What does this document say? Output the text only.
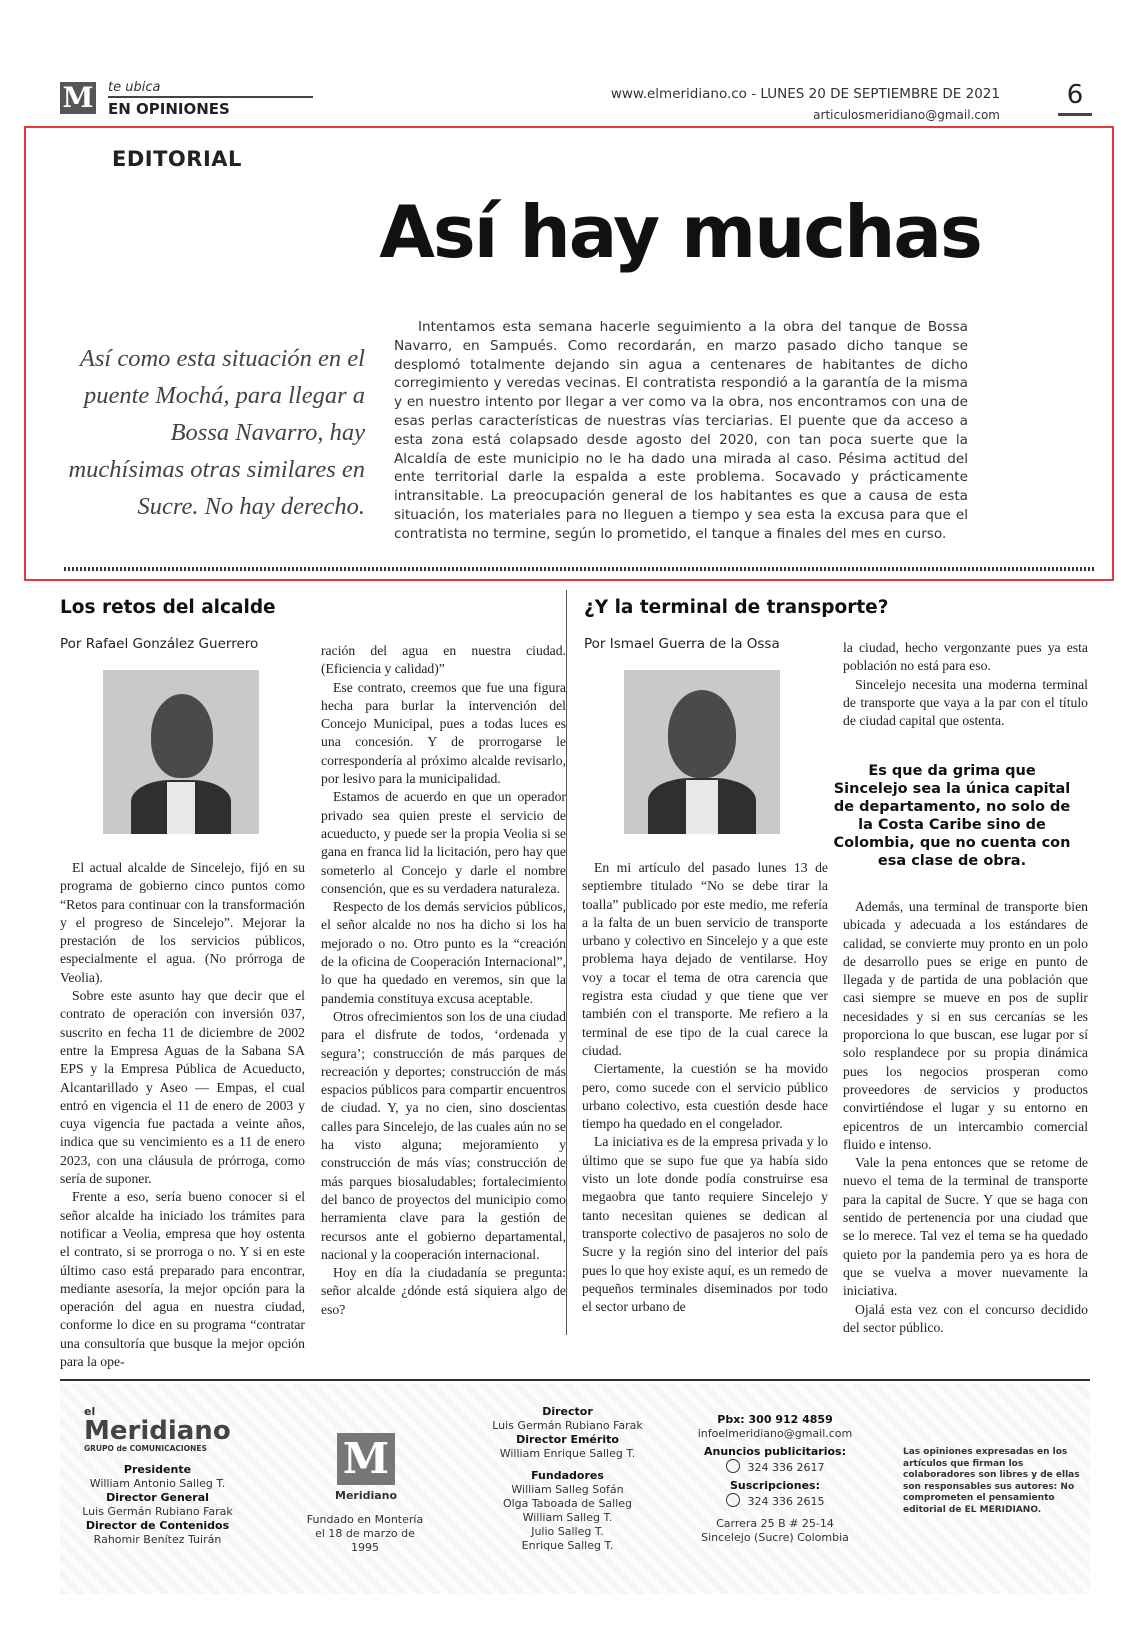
M te ubica
EN OPINIONES
www.elmeridiano.co - LUNES 20 DE SEPTIEMBRE DE 2021
articulosmeridiano@gmail.com
6
EDITORIAL
Así hay muchas
Así como esta situación en el puente Mochá, para llegar a Bossa Navarro, hay muchísimas otras similares en Sucre. No hay derecho.
Intentamos esta semana hacerle seguimiento a la obra del tanque de Bossa Navarro, en Sampués. Como recordarán, en marzo pasado dicho tanque se desplomó totalmente dejando sin agua a centenares de habitantes de dicho corregimiento y veredas vecinas. El contratista respondió a la garantía de la misma y en nuestro intento por llegar a ver como va la obra, nos encontramos con una de esas perlas características de nuestras vías terciarias. El puente que da acceso a esta zona está colapsado desde agosto del 2020, con tan poca suerte que la Alcaldía de este municipio no le ha dado una mirada al caso. Pésima actitud del ente territorial darle la espalda a este problema. Socavado y prácticamente intransitable. La preocupación general de los habitantes es que a causa de esta situación, los materiales para no lleguen a tiempo y sea esta la excusa para que el contratista no termine, según lo prometido, el tanque a finales del mes en curso.
Los retos del alcalde
Por Rafael González Guerrero

El actual alcalde de Sincelejo, fijó en su programa de gobierno cinco puntos como “Retos para continuar con la transformación y el progreso de Sincelejo”. Mejorar la prestación de los servicios públicos, especialmente el agua. (No prórroga de Veolia).

Sobre este asunto hay que decir que el contrato de operación con inversión 037, suscrito en fecha 11 de diciembre de 2002 entre la Empresa Aguas de la Sabana SA EPS y la Empresa Pública de Acueducto, Alcantarillado y Aseo — Empas, el cual entró en vigencia el 11 de enero de 2003 y cuya vigencia fue pactada a veinte años, indica que su vencimiento es a 11 de enero 2023, con una cláusula de prórroga, como sería de suponer.

Frente a eso, sería bueno conocer si el señor alcalde ha iniciado los trámites para notificar a Veolia, empresa que hoy ostenta el contrato, si se prorroga o no. Y si en este último caso está preparado para encontrar, mediante asesoría, la mejor opción para la operación del agua en nuestra ciudad, conforme lo dice en su programa “contratar una consultoría que busque la mejor opción para la ope-

ración del agua en nuestra ciudad. (Eficiencia y calidad)”

Ese contrato, creemos que fue una figura hecha para burlar la intervención del Concejo Municipal, pues a todas luces es una concesión. Y de prorrogarse le correspondería al próximo alcalde revisarlo, por lesivo para la municipalidad.

Estamos de acuerdo en que un operador privado sea quien preste el servicio de acueducto, y puede ser la propia Veolia si se gana en franca lid la licitación, pero hay que someterlo al Concejo y darle el nombre consención, que es su verdadera naturaleza.

Respecto de los demás servicios públicos, el señor alcalde no nos ha dicho si los ha mejorado o no. Otro punto es la “creación de la oficina de Cooperación Internacional”, lo que ha quedado en veremos, sin que la pandemia constituya excusa aceptable.

Otros ofrecimientos son los de una ciudad para el disfrute de todos, ‘ordenada y segura’; construcción de más parques de recreación y deportes; construcción de más espacios públicos para compartir encuentros de ciudad. Y, ya no cien, sino doscientas calles para Sincelejo, de las cuales aún no se ha visto alguna; mejoramiento y construcción de más vías; construcción de más parques biosaludables; fortalecimiento del banco de proyectos del municipio como herramienta clave para la gestión de recursos ante el gobierno departamental, nacional y la cooperación internacional.

Hoy en día la ciudadanía se pregunta: señor alcalde ¿dónde está siquiera algo de eso?

¿Y la terminal de transporte?
Por Ismael Guerra de la Ossa

En mi artículo del pasado lunes 13 de septiembre titulado “No se debe tirar la toalla” publicado por este medio, me refería a la falta de un buen servicio de transporte urbano y colectivo en Sincelejo y a que este problema haya dejado de ventilarse. Hoy voy a tocar el tema de otra carencia que registra esta ciudad y que tiene que ver también con el transporte. Me refiero a la terminal de ese tipo de la cual carece la ciudad.

Ciertamente, la cuestión se ha movido pero, como sucede con el servicio público urbano colectivo, esta cuestión desde hace tiempo ha quedado en el congelador.

La iniciativa es de la empresa privada y lo último que se supo fue que ya había sido visto un lote donde podía construirse esa megaobra que tanto requiere Sincelejo y tanto necesitan quienes se dedican al transporte colectivo de pasajeros no solo de Sucre y la región sino del interior del país pues lo que hoy existe aquí, es un remedo de pequeños terminales diseminados por todo el sector urbano de

la ciudad, hecho vergonzante pues ya esta población no está para eso.

Sincelejo necesita una moderna terminal de transporte que vaya a la par con el título de ciudad capital que ostenta.

Es que da grima que Sincelejo sea la única capital de departamento, no solo de la Costa Caribe sino de Colombia, que no cuenta con esa clase de obra.

Además, una terminal de transporte bien ubicada y adecuada a los estándares de calidad, se convierte muy pronto en un polo de desarrollo pues se erige en punto de llegada y de partida de una población que casi siempre se mueve en pos de suplir necesidades y si en sus cercanías se les proporciona lo que buscan, ese lugar por sí solo resplandece por su propia dinámica pues los negocios prosperan como proveedores de servicios y productos convirtiéndose el lugar y su entorno en epicentros de un intercambio comercial fluido e intenso.

Vale la pena entonces que se retome de nuevo el tema de la terminal de transporte para la capital de Sucre. Y que se haga con sentido de pertenencia por una ciudad que se lo merece. Tal vez el tema se ha quedado quieto por la pandemia pero ya es hora de que se vuelva a mover nuevamente la iniciativa.

Ojalá esta vez con el concurso decidido del sector público.

el
Meridiano
GRUPO de COMUNICACIONES
Presidente
William Antonio Salleg T.
Director General
Luis Germán Rubiano Farak
Director de Contenidos
Rahomir Benítez Tuirán
M
Meridiano
Fundado en Montería el 18 de marzo de 1995
Director
Luis Germán Rubiano Farak
Director Emérito
William Enrique Salleg T.
Fundadores
William Salleg Sofán
Olga Taboada de Salleg
William Salleg T.
Julio Salleg T.
Enrique Salleg T.
Pbx: 300 912 4859
infoelmeridiano@gmail.com
Anuncios publicitarios:
324 336 2617
Suscripciones:
324 336 2615
Carrera 25 B # 25-14
Sincelejo (Sucre) Colombia
Las opiniones expresadas en los artículos que firman los colaboradores son libres y de ellas son responsables sus autores: No comprometen el pensamiento editorial de EL MERIDIANO.
